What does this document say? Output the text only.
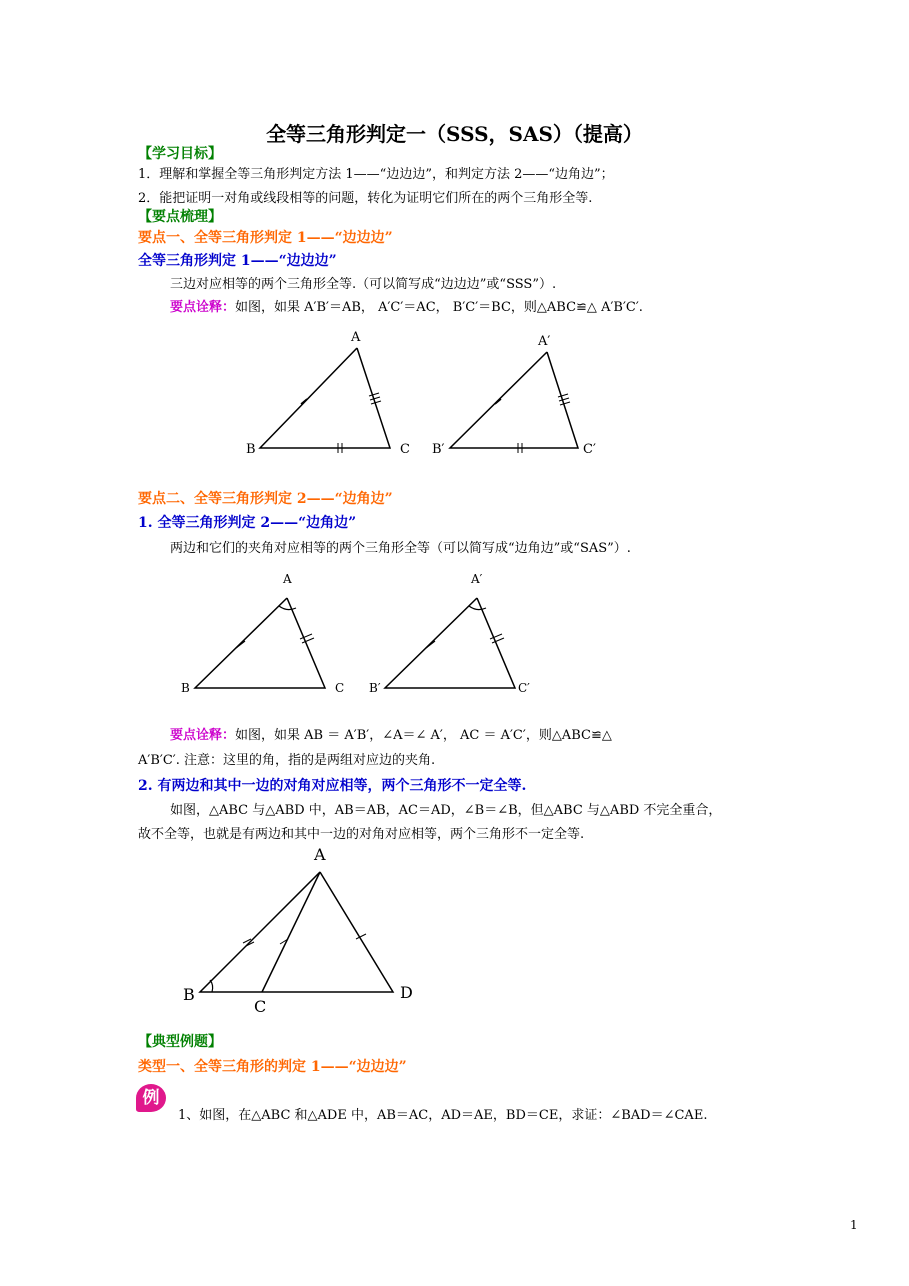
全等三角形判定一（SSS，SAS）（提高）
【学习目标】
1．理解和掌握全等三角形判定方法 1——“边边边”，和判定方法 2——“边角边”；
2．能把证明一对角或线段相等的问题，转化为证明它们所在的两个三角形全等.
【要点梳理】
要点一、全等三角形判定 1——“边边边”
全等三角形判定 1——“边边边”
三边对应相等的两个三角形全等.（可以简写成“边边边”或“SSS”）.
要点诠释：如图，如果 A′B′＝AB， A′C′＝AC， B′C′＝BC，则△ABC≌△ A′B′C′.
A
B	C
A′
B′	C′
要点二、全等三角形判定 2——“边角边”
1. 全等三角形判定 2——“边角边”
两边和它们的夹角对应相等的两个三角形全等（可以简写成“边角边”或“SAS”）.
A
B	C
A′
B′	C′
要点诠释：如图，如果 AB ＝ A′B′，∠A＝∠ A′， AC ＝ A′C′，则△ABC≌△
A′B′C′. 注意：这里的角，指的是两组对应边的夹角.
2. 有两边和其中一边的对角对应相等，两个三角形不一定全等.
如图，△ABC 与△ABD 中，AB＝AB，AC＝AD，∠B＝∠B，但△ABC 与△ABD 不完全重合，
故不全等，也就是有两边和其中一边的对角对应相等，两个三角形不一定全等.
A
B
C
D
【典型例题】
类型一、全等三角形的判定 1——“边边边”
例
1、如图，在△ABC 和△ADE 中，AB＝AC，AD＝AE，BD＝CE，求证：∠BAD＝∠CAE.
1
